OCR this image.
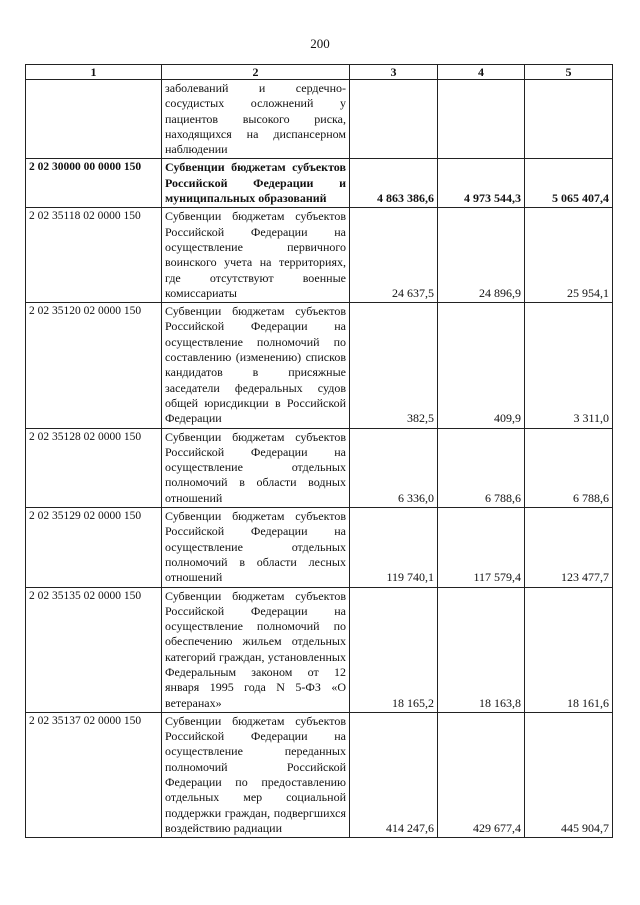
200
1	2	3	4	5
	заболеваний и сердечно-сосудистых осложнений у пациентов высокого риска, находящихся на диспансерном наблюдении			
2 02 30000 00 0000 150	Субвенции бюджетам субъектов Российской Федерации и муниципальных образований	4 863 386,6	4 973 544,3	5 065 407,4
2 02 35118 02 0000 150	Субвенции бюджетам субъектов Российской Федерации на осуществление первичного воинского учета на территориях, где отсутствуют военные комиссариаты	24 637,5	24 896,9	25 954,1
2 02 35120 02 0000 150	Субвенции бюджетам субъектов Российской Федерации на осуществление полномочий по составлению (изменению) списков кандидатов в присяжные заседатели федеральных судов общей юрисдикции в Российской Федерации	382,5	409,9	3 311,0
2 02 35128 02 0000 150	Субвенции бюджетам субъектов Российской Федерации на осуществление отдельных полномочий в области водных отношений	6 336,0	6 788,6	6 788,6
2 02 35129 02 0000 150	Субвенции бюджетам субъектов Российской Федерации на осуществление отдельных полномочий в области лесных отношений	119 740,1	117 579,4	123 477,7
2 02 35135 02 0000 150	Субвенции бюджетам субъектов Российской Федерации на осуществление полномочий по обеспечению жильем отдельных категорий граждан, установленных Федеральным законом от 12 января 1995 года N 5-ФЗ «О ветеранах»	18 165,2	18 163,8	18 161,6
2 02 35137 02 0000 150	Субвенции бюджетам субъектов Российской Федерации на осуществление переданных полномочий Российской Федерации по предоставлению отдельных мер социальной поддержки граждан, подвергшихся воздействию радиации	414 247,6	429 677,4	445 904,7
